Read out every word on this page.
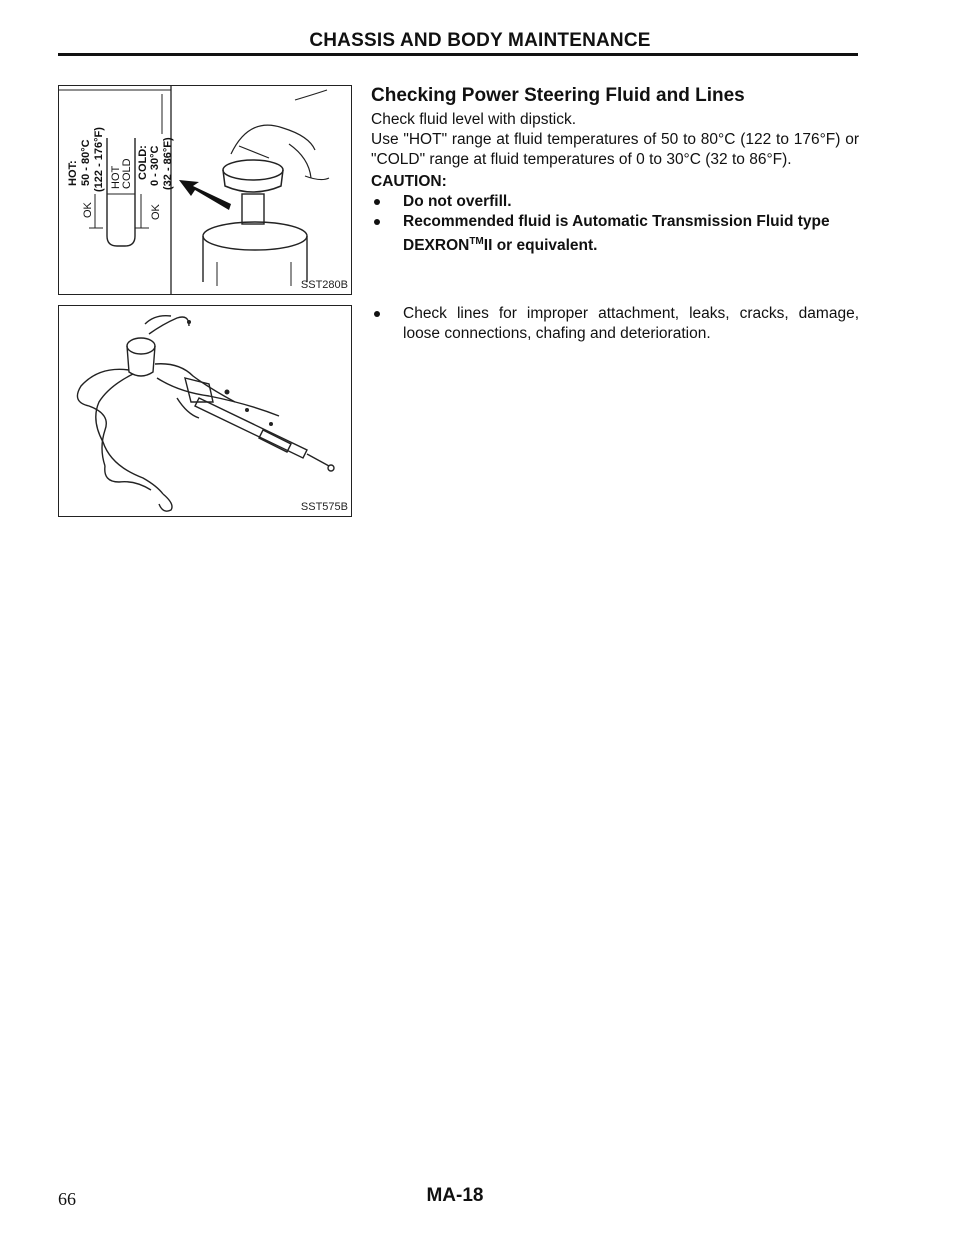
CHASSIS AND BODY MAINTENANCE
HOT: 50 - 80°C (122 - 176°F)	COLD: 0 - 30°C (32 - 86°F)
HOT COLD
OK	OK
SST280B
SST575B
Checking Power Steering Fluid and Lines

Check fluid level with dipstick.

Use "HOT" range at fluid temperatures of 50 to 80°C (122 to 176°F) or "COLD" range at fluid temperatures of 0 to 30°C (32 to 86°F).

CAUTION:
Do not overfill.
Recommended fluid is Automatic Transmission Fluid type DEXRON™II or equivalent.
Check lines for improper attachment, leaks, cracks, damage, loose connections, chafing and deterioration.
MA-18
66
